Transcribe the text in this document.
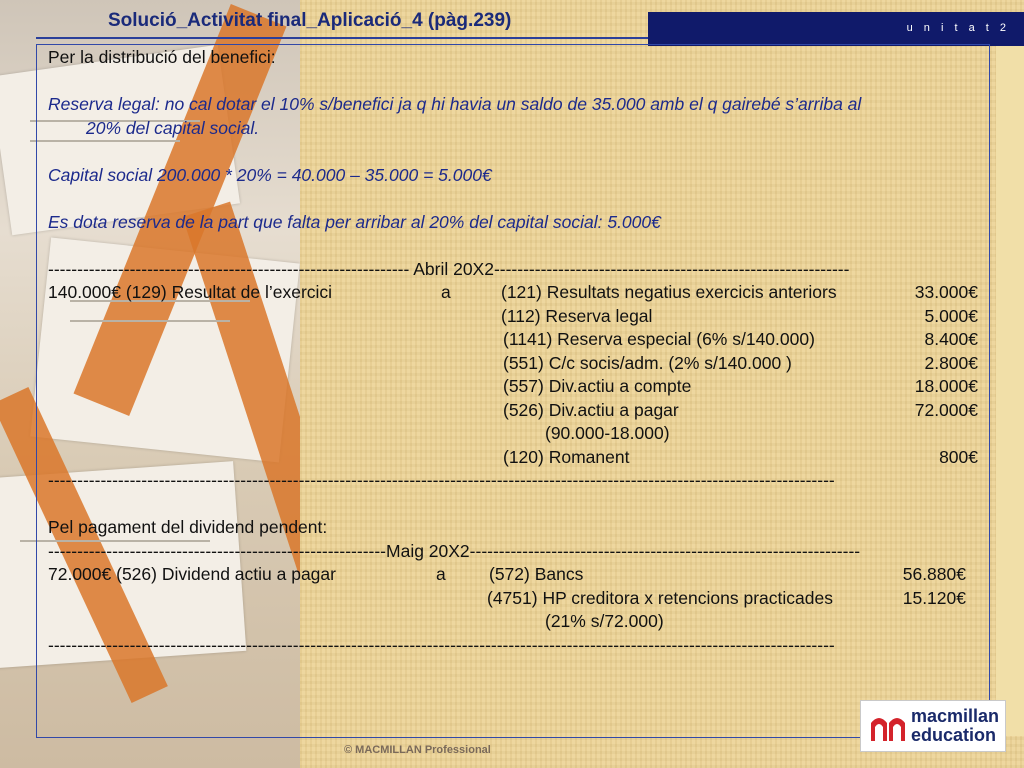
Solució_Activitat final_Aplicació_4 (pàg.239)	u n i t a t 2

Per la distribució del benefici:

Reserva legal: no cal dotar el 10% s/benefici ja q hi havia un saldo de 35.000 amb el q gairebé s’arriba al

20% del capital social.

Capital social 200.000 * 20% = 40.000 – 35.000 = 5.000€

Es dota reserva de la part que falta per arribar al 20% del capital social: 5.000€

-------------------------------------------------------------- Abril 20X2-------------------------------------------------------------

140.000€ (129) Resultat de l’exercici	a	(121) Resultats negatius exercicis anteriors	33.000€
(112) Reserva legal	5.000€
(1141) Reserva especial (6% s/140.000)	8.400€
(551) C/c socis/adm. (2% s/140.000 )	2.800€
(557) Div.actiu a compte	18.000€
(526) Div.actiu a pagar	72.000€
(90.000-18.000)
(120) Romanent	800€

---------------------------------------------------------------------------------------------------------------------------------------

Pel pagament del dividend pendent:

----------------------------------------------------------Maig 20X2-------------------------------------------------------------------

72.000€ (526) Dividend actiu a pagar	a (572) Bancs	56.880€
(4751) HP creditora x retencions practicades	15.120€
(21% s/72.000)

---------------------------------------------------------------------------------------------------------------------------------------

© MACMILLAN Professional
macmillan
education
